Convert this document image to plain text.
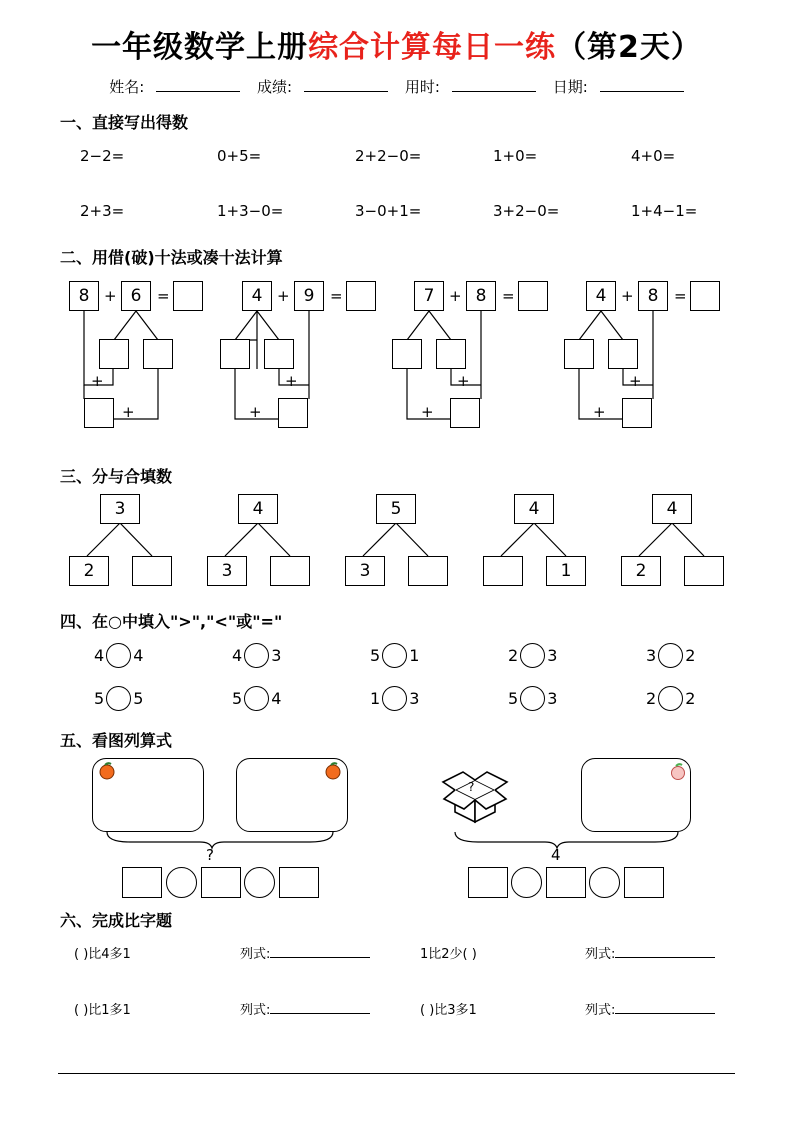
一年级数学上册综合计算每日一练（第2天）
姓名:	成绩:	用时:	日期:
一、直接写出得数
2−2=	0+5=	2+2−0=	1+0=	4+0=
2+3=	1+3−0=	3−0+1=	3+2−0=	1+4−1=
二、用借(破)十法或凑十法计算
8 + 6	=
+
+
4 + 9	=
+
+
7 + 8	=
+
+
4 + 8	=
+
+
三、分与合填数
3
2
4
3
5
3
4
1
4
2
四、在○中填入">","<"或"="
4 4	4 3	5 1	2 3	3 2
5 5	5 4	1 3	5 3	2 2
五、看图列算式
?
?	4
六、完成比字题
( )比4多1	列式:	1比2少( )	列式:
( )比1多1	列式:	( )比3多1	列式:
